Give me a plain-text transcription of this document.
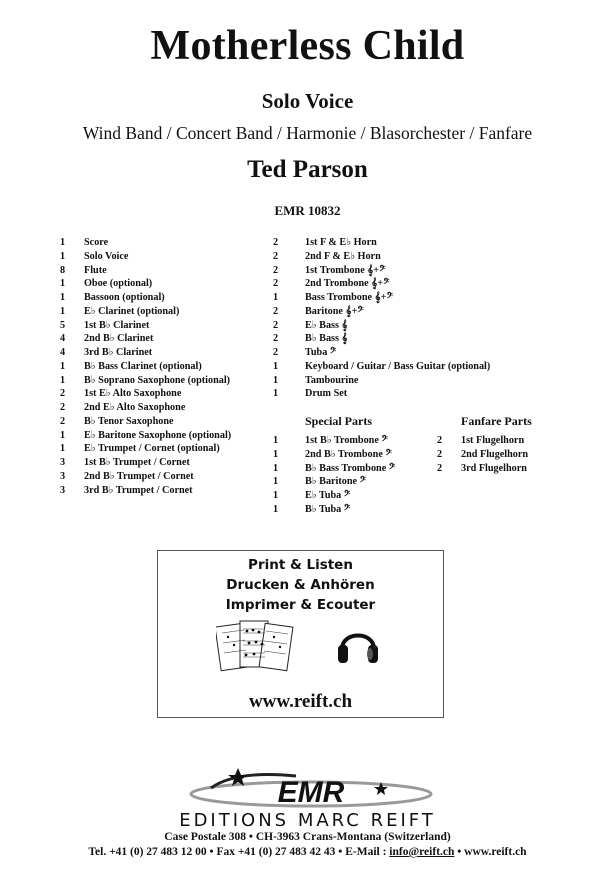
Motherless Child
Solo Voice
Wind Band / Concert Band / Harmonie / Blasorchester / Fanfare
Ted Parson
EMR 10832
1 Score
1 Solo Voice
8 Flute
1 Oboe (optional)
1 Bassoon (optional)
1 E♭ Clarinet (optional)
5 1st B♭ Clarinet
4 2nd B♭ Clarinet
4 3rd B♭ Clarinet
1 B♭ Bass Clarinet (optional)
1 B♭ Soprano Saxophone (optional)
2 1st E♭ Alto Saxophone
2 2nd E♭ Alto Saxophone
2 B♭ Tenor Saxophone
1 E♭ Baritone Saxophone (optional)
1 E♭ Trumpet / Cornet (optional)
3 1st B♭ Trumpet / Cornet
3 2nd B♭ Trumpet / Cornet
3 3rd B♭ Trumpet / Cornet
2	1st F & E♭ Horn
2	2nd F & E♭ Horn
2	1st Trombone 𝄞+𝄢
2	2nd Trombone 𝄞+𝄢
1	Bass Trombone 𝄞+𝄢
2	Baritone 𝄞+𝄢
2	E♭ Bass 𝄞
2	B♭ Bass 𝄞
2	Tuba 𝄢
1	Keyboard / Guitar / Bass Guitar (optional)
1	Tambourine
1	Drum Set
Special Parts
1	1st B♭ Trombone 𝄢
1	2nd B♭ Trombone 𝄢
1	B♭ Bass Trombone 𝄢
1	B♭ Baritone 𝄢
1	E♭ Tuba 𝄢
1	B♭ Tuba 𝄢
Fanfare Parts
2 1st Flugelhorn
2 2nd Flugelhorn
2 3rd Flugelhorn
Print & Listen
Drucken & Anhören
Imprimer & Ecouter
www.reift.ch
EMR
EDITIONS MARC REIFT
Case Postale 308 • CH-3963 Crans-Montana (Switzerland)
Tel. +41 (0) 27 483 12 00 • Fax +41 (0) 27 483 42 43 • E-Mail : info@reift.ch • www.reift.ch
